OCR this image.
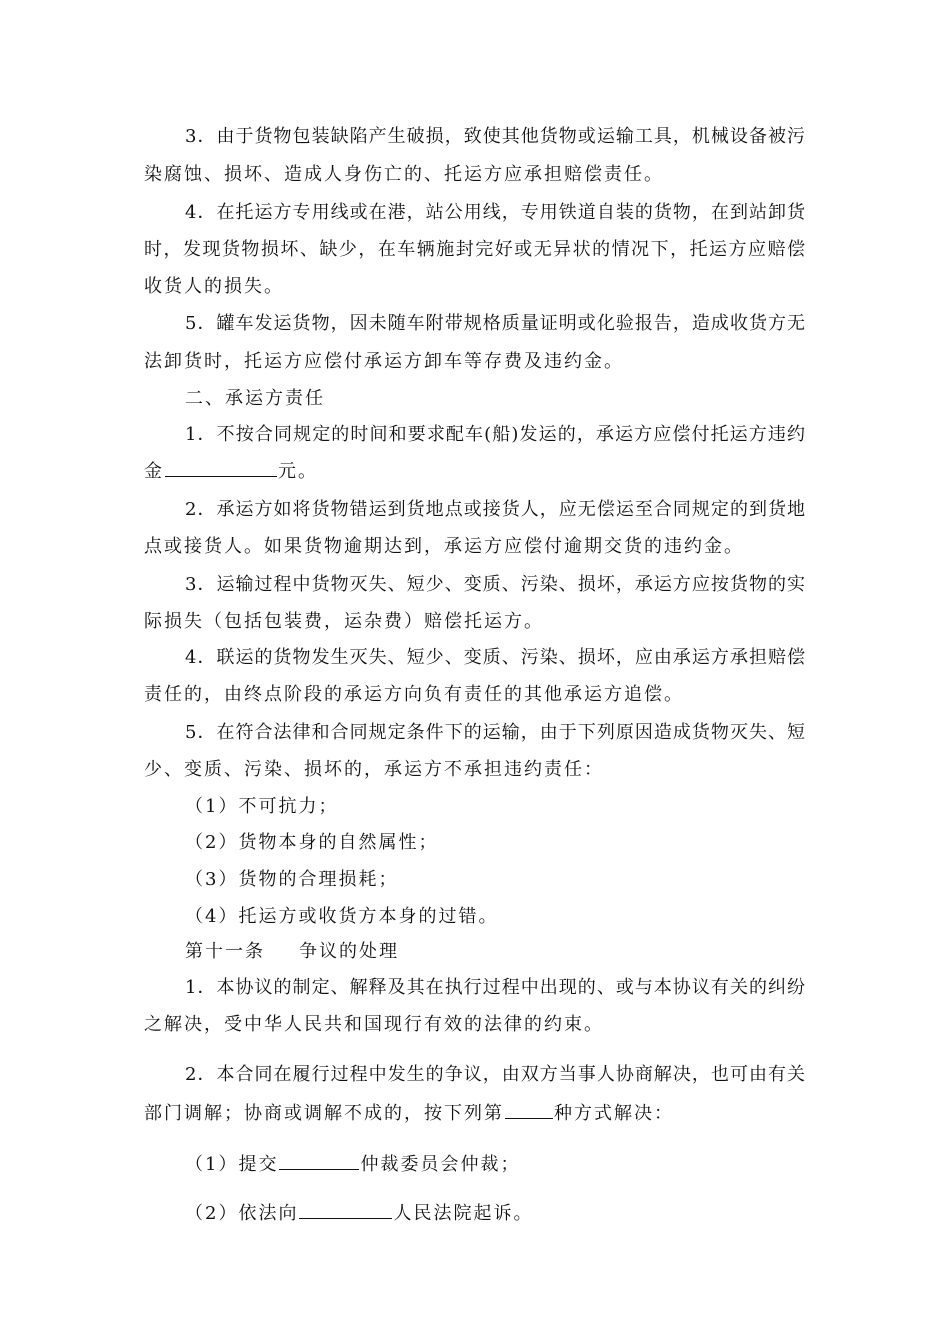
3．由于货物包装缺陷产生破损，致使其他货物或运输工具，机械设备被污
染腐蚀、损坏、造成人身伤亡的、托运方应承担赔偿责任。
4．在托运方专用线或在港，站公用线，专用铁道自装的货物，在到站卸货
时，发现货物损坏、缺少，在车辆施封完好或无异状的情况下，托运方应赔偿
收货人的损失。
5．罐车发运货物，因未随车附带规格质量证明或化验报告，造成收货方无
法卸货时，托运方应偿付承运方卸车等存费及违约金。
二、承运方责任
1．不按合同规定的时间和要求配车(船)发运的，承运方应偿付托运方违约
金	元。
2．承运方如将货物错运到货地点或接货人，应无偿运至合同规定的到货地
点或接货人。如果货物逾期达到，承运方应偿付逾期交货的违约金。
3．运输过程中货物灭失、短少、变质、污染、损坏，承运方应按货物的实
际损失（包括包装费，运杂费）赔偿托运方。
4．联运的货物发生灭失、短少、变质、污染、损坏，应由承运方承担赔偿
责任的，由终点阶段的承运方向负有责任的其他承运方追偿。
5．在符合法律和合同规定条件下的运输，由于下列原因造成货物灭失、短
少、变质、污染、损坏的，承运方不承担违约责任：
（1）不可抗力；
（2）货物本身的自然属性；
（3）货物的合理损耗；
（4）托运方或收货方本身的过错。
第十一条 争议的处理
1．本协议的制定、解释及其在执行过程中出现的、或与本协议有关的纠纷
之解决，受中华人民共和国现行有效的法律的约束。
2．本合同在履行过程中发生的争议，由双方当事人协商解决，也可由有关
部门调解；协商或调解不成的，按下列第	种方式解决：
（1）提交	仲裁委员会仲裁；
（2）依法向	人民法院起诉。
